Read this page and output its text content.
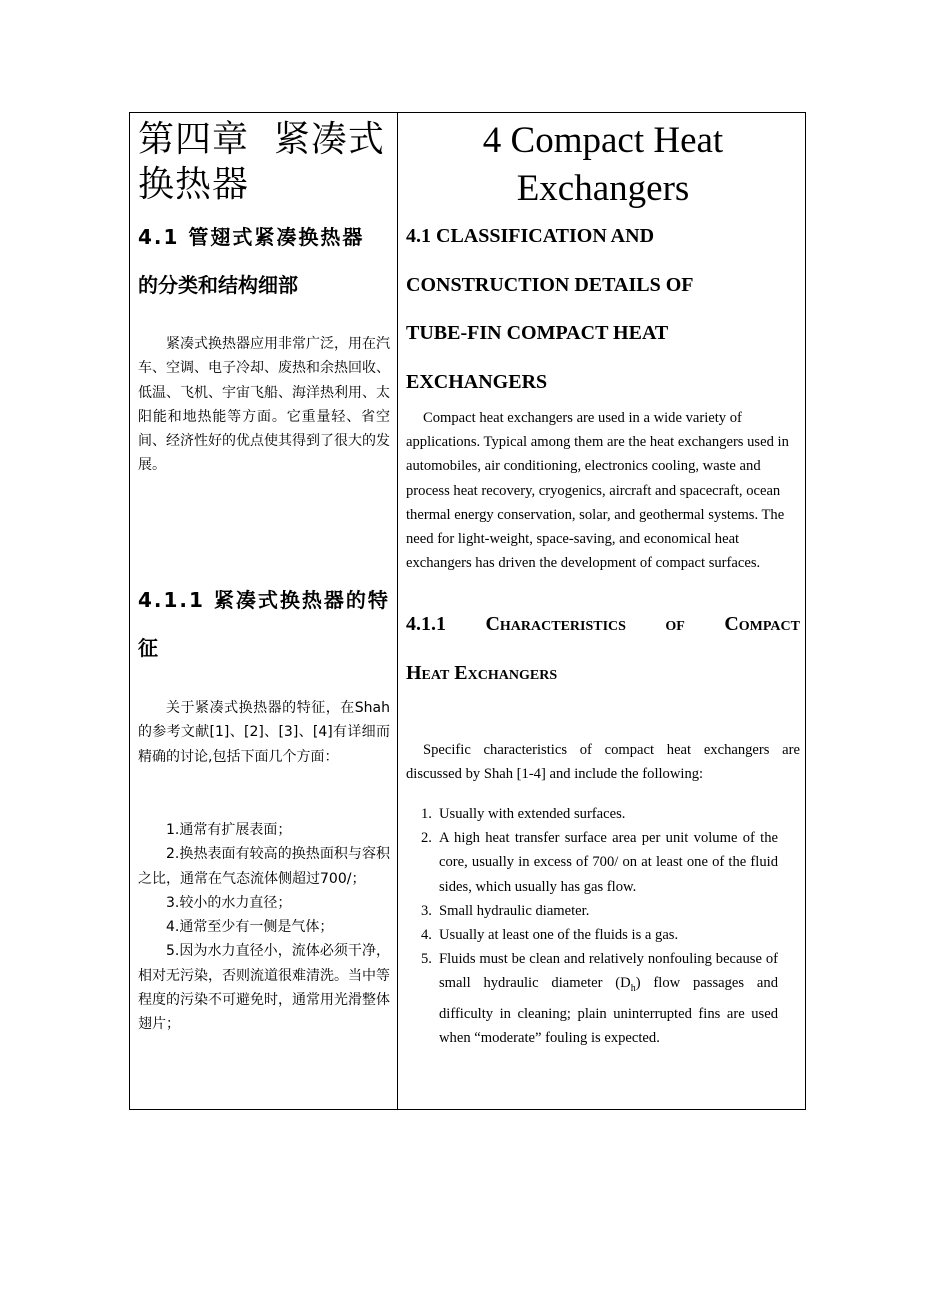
第四章  紧凑式
换热器
4.1 管翅式紧凑换热器
的分类和结构细部
紧凑式换热器应用非常广泛，用在汽车、空调、电子冷却、废热和余热回收、低温、飞机、宇宙飞船、海洋热利用、太阳能和地热能等方面。它重量轻、省空间、经济性好的优点使其得到了很大的发展。
4.1.1 紧凑式换热器的特
征
关于紧凑式换热器的特征，在Shah的参考文献[1]、[2]、[3]、[4]有详细而精确的讨论,包括下面几个方面：
1.通常有扩展表面；
2.换热表面有较高的换热面积与容积之比，通常在气态流体侧超过700/；
3.较小的水力直径；
4.通常至少有一侧是气体；
5.因为水力直径小，流体必须干净，相对无污染，否则流道很难清洗。当中等程度的污染不可避免时，通常用光滑整体翅片；
4 Compact Heat
Exchangers
4.1 CLASSIFICATION AND
CONSTRUCTION DETAILS OF
TUBE-FIN COMPACT HEAT
EXCHANGERS
Compact heat exchangers are used in a wide variety of applications. Typical among them are the heat exchangers used in automobiles, air conditioning, electronics cooling, waste and process heat recovery, cryogenics, aircraft and spacecraft, ocean thermal energy conservation, solar, and geothermal systems. The need for light-weight, space-saving, and economical heat exchangers has driven the development of compact surfaces.
4.1.1 Characteristics of Compact
Heat Exchangers
Specific characteristics of compact heat exchangers are discussed by Shah [1-4] and include the following:
1. Usually with extended surfaces.
2. A high heat transfer surface area per unit volume of the core, usually in excess of 700/ on at least one of the fluid sides, which usually has gas flow.
3. Small hydraulic diameter.
4. Usually at least one of the fluids is a gas.
5. Fluids must be clean and relatively nonfouling because of small hydraulic diameter $(D_h)$ flow passages and difficulty in cleaning; plain uninterrupted fins are used when “moderate” fouling is expected.
